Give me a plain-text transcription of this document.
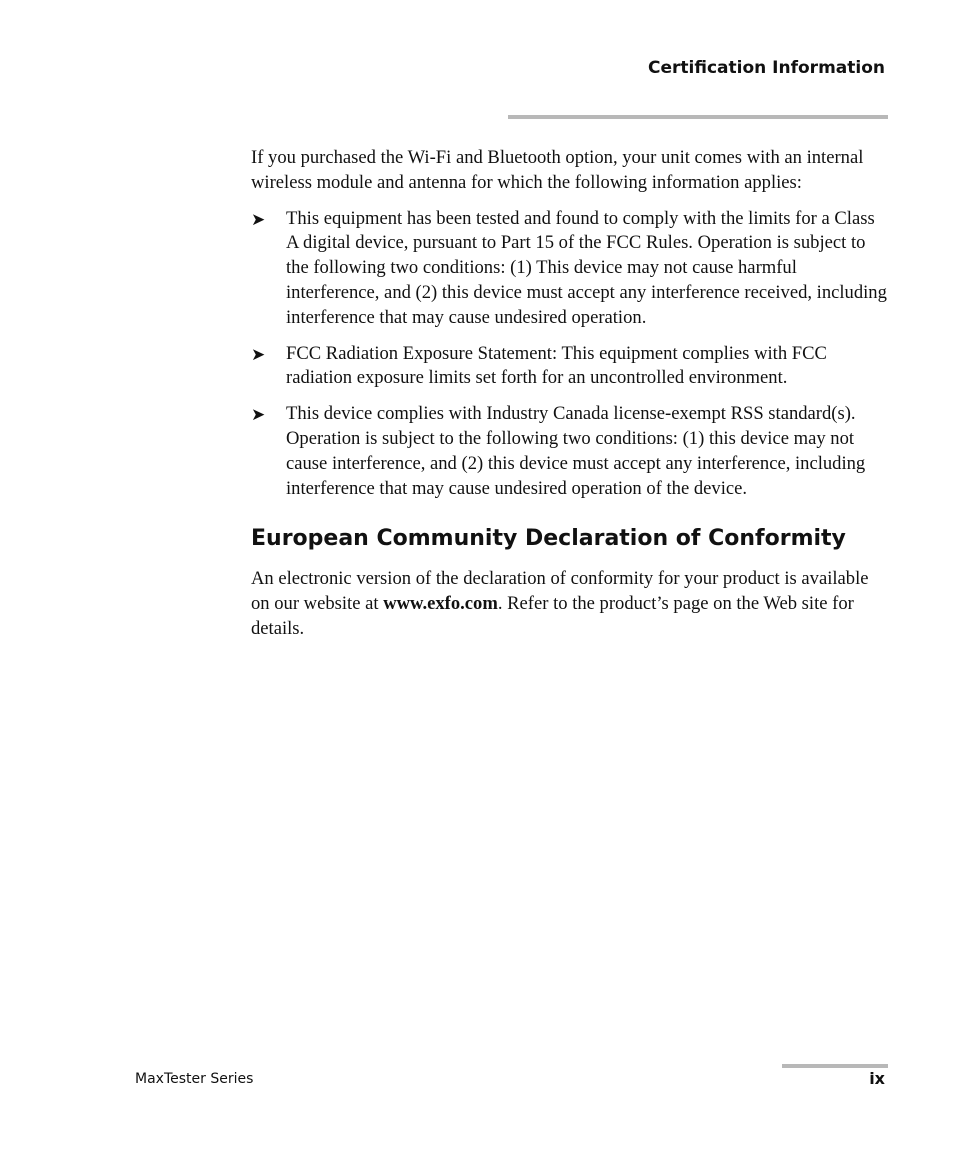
Certification Information

If you purchased the Wi-Fi and Bluetooth option, your unit comes with an internal wireless module and antenna for which the following information applies:

➤ This equipment has been tested and found to comply with the limits for a Class A digital device, pursuant to Part 15 of the FCC Rules. Operation is subject to the following two conditions: (1) This device may not cause harmful interference, and (2) this device must accept any interference received, including interference that may cause undesired operation.
➤ FCC Radiation Exposure Statement: This equipment complies with FCC radiation exposure limits set forth for an uncontrolled environment.
➤ This device complies with Industry Canada license-exempt RSS standard(s). Operation is subject to the following two conditions: (1) this device may not cause interference, and (2) this device must accept any interference, including interference that may cause undesired operation of the device.
European Community Declaration of Conformity

An electronic version of the declaration of conformity for your product is available on our website at www.exfo.com. Refer to the product’s page on the Web site for details.

MaxTester Series	ix
